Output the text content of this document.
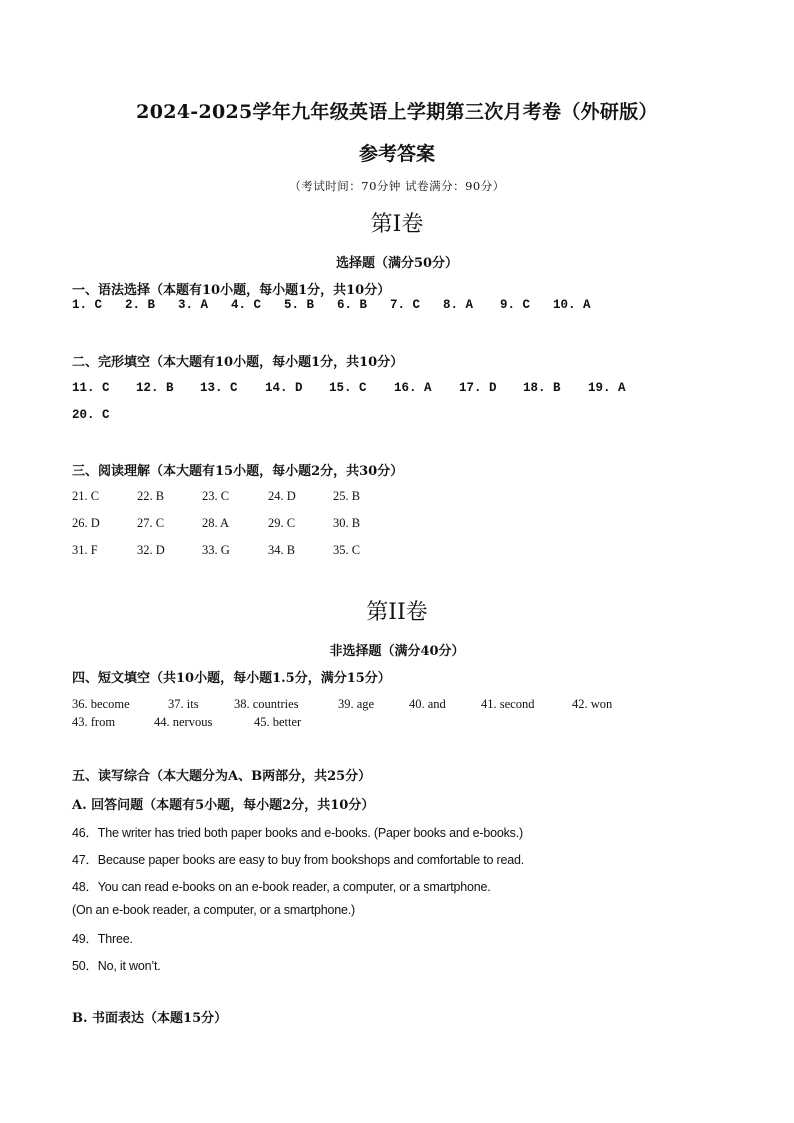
2024-2025学年九年级英语上学期第三次月考卷（外研版）
参考答案
（考试时间：70分钟 试卷满分：90分）
第Ⅰ卷
选择题（满分50分）
一、语法选择（本题有10小题，每小题1分，共10分）
1. C 2. B 3. A 4. C 5. B 6. B 7. C 8. A 9. C 10. A
二、完形填空（本大题有10小题，每小题1分，共10分）
11. C 12. B 13. C 14. D 15. C 16. A 17. D 18. B 19. A
20. C
三、阅读理解（本大题有15小题，每小题2分，共30分）
21. C	22. B	23. C	24. D	25. B
26. D	27. C	28. A	29. C	30. B
31. F	32. D	33. G	34. B	35. C
第II卷
非选择题（满分40分）
四、短文填空（共10小题，每小题1.5分，满分15分）
36. become	37. its	38. countries	39. age	40. and	41. second	42. won
43. from	44. nervous	45. better
五、读写综合（本大题分为A、B两部分，共25分）
A. 回答问题（本题有5小题，每小题2分，共10分）
46．The writer has tried both paper books and e-books. (Paper books and e-books.)
47．Because paper books are easy to buy from bookshops and comfortable to read.
48．You can read e-books on an e-book reader, a computer, or a smartphone.
(On an e-book reader, a computer, or a smartphone.)
49．Three.
50．No, it won’t.
B. 书面表达（本题15分）
